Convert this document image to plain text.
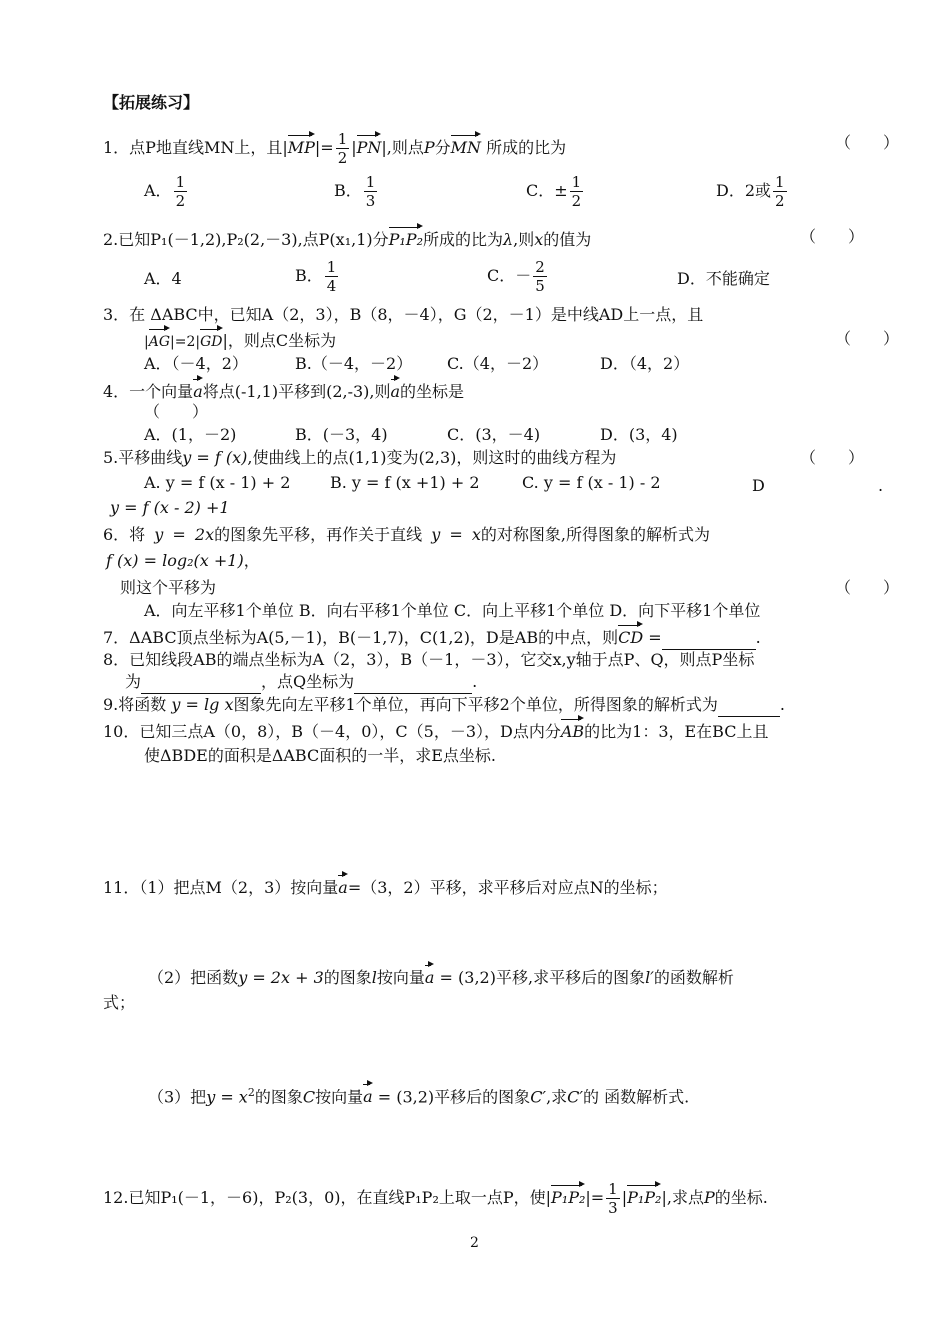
【拓展练习】
1．点P地直线MN上，且$|MP|= \frac{1}{2} |PN|$,则点P分MN 所成的比为	（　　）
A． $\frac{1}{2}$	B． $\frac{1}{3}$	C．± $\frac{1}{2}$	D．2或 $\frac{1}{2}$
2.已知P₁(－1,2),P₂(2,－3),点P(x₁,1)分P₁P₂所成的比为λ,则x的值为	（　　）
A．4	B． $\frac{1}{4}$	C．－ $\frac{2}{5}$	D．不能确定
3．在 ΔABC中，已知A（2，3），B（8，－4），G（2，－1）是中线AD上一点，且
|AG|=2|GD|，则点C坐标为	（　　）
A．（－4，2）	B.（－4，－2） C.（4，－2）	D．（4，2）
4．一个向量a将点(-1,1)平移到(2,-3),则a的坐标是
（　　）
A．(1，－2)	B．(－3，4)	C．(3，－4)	D．(3，4)
5.平移曲线y = f (x),使曲线上的点(1,1)变为(2,3)，则这时的曲线方程为	（　　）
A. y = f (x - 1) + 2 B. y = f (x +1) + 2	C. y = f (x - 1) - 2	D	.
y = f (x - 2) +1
6．将 y = 2x的图象先平移，再作关于直线 y = x的对称图象,所得图象的解析式为
f (x) = log₂(x +1)，
则这个平移为	（　　）
A．向左平移1个单位 B．向右平移1个单位 C．向上平移1个单位 D．向下平移1个单位
7．ΔABC顶点坐标为A(5,－1)，B(－1,7)，C(1,2)，D是AB的中点，则CD =	.
8．已知线段AB的端点坐标为A（2，3），B（－1，－3），它交x,y轴于点P、Q，则点P坐标
为	，点Q坐标为	.
9.将函数 y = lg x图象先向左平移1个单位，再向下平移2个单位，所得图象的解析式为	.
10．已知三点A（0，8），B（－4，0），C（5，－3），D点内分AB的比为1：3，E在BC上且
使ΔBDE的面积是ΔABC面积的一半，求E点坐标.
11．（1）把点M（2，3）按向量a=（3，2）平移，求平移后对应点N的坐标；
（2）把函数y = 2x + 3的图象l按向量a = (3,2)平移,求平移后的图象l′的函数解析
式；
（3）把$y = x^2$的图象C按向量a = (3,2)平移后的图象C′,求C′的 函数解析式.
12.已知P₁(－1，－6)，P₂(3，0)，在直线P₁P₂上取一点P，使$|P_1P_2|= \frac{1}{3} |P_1P_2|$,求点P的坐标.
2
